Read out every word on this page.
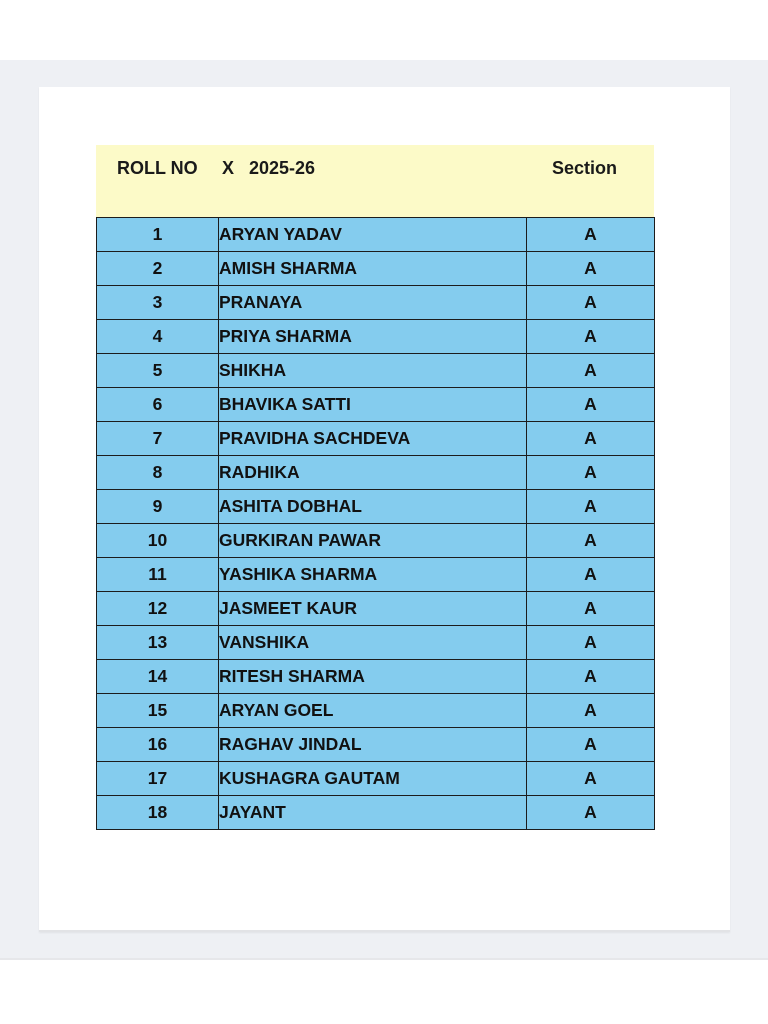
ROLL NO X   2025-26	Section
1	ARYAN YADAV	A
2	AMISH SHARMA	A
3	PRANAYA	A
4	PRIYA SHARMA	A
5	SHIKHA	A
6	BHAVIKA SATTI	A
7	PRAVIDHA SACHDEVA	A
8	RADHIKA	A
9	ASHITA DOBHAL	A
10	GURKIRAN PAWAR	A
11	YASHIKA SHARMA	A
12	JASMEET KAUR	A
13	VANSHIKA	A
14	RITESH SHARMA	A
15	ARYAN GOEL	A
16	RAGHAV JINDAL	A
17	KUSHAGRA GAUTAM	A
18	JAYANT	A
